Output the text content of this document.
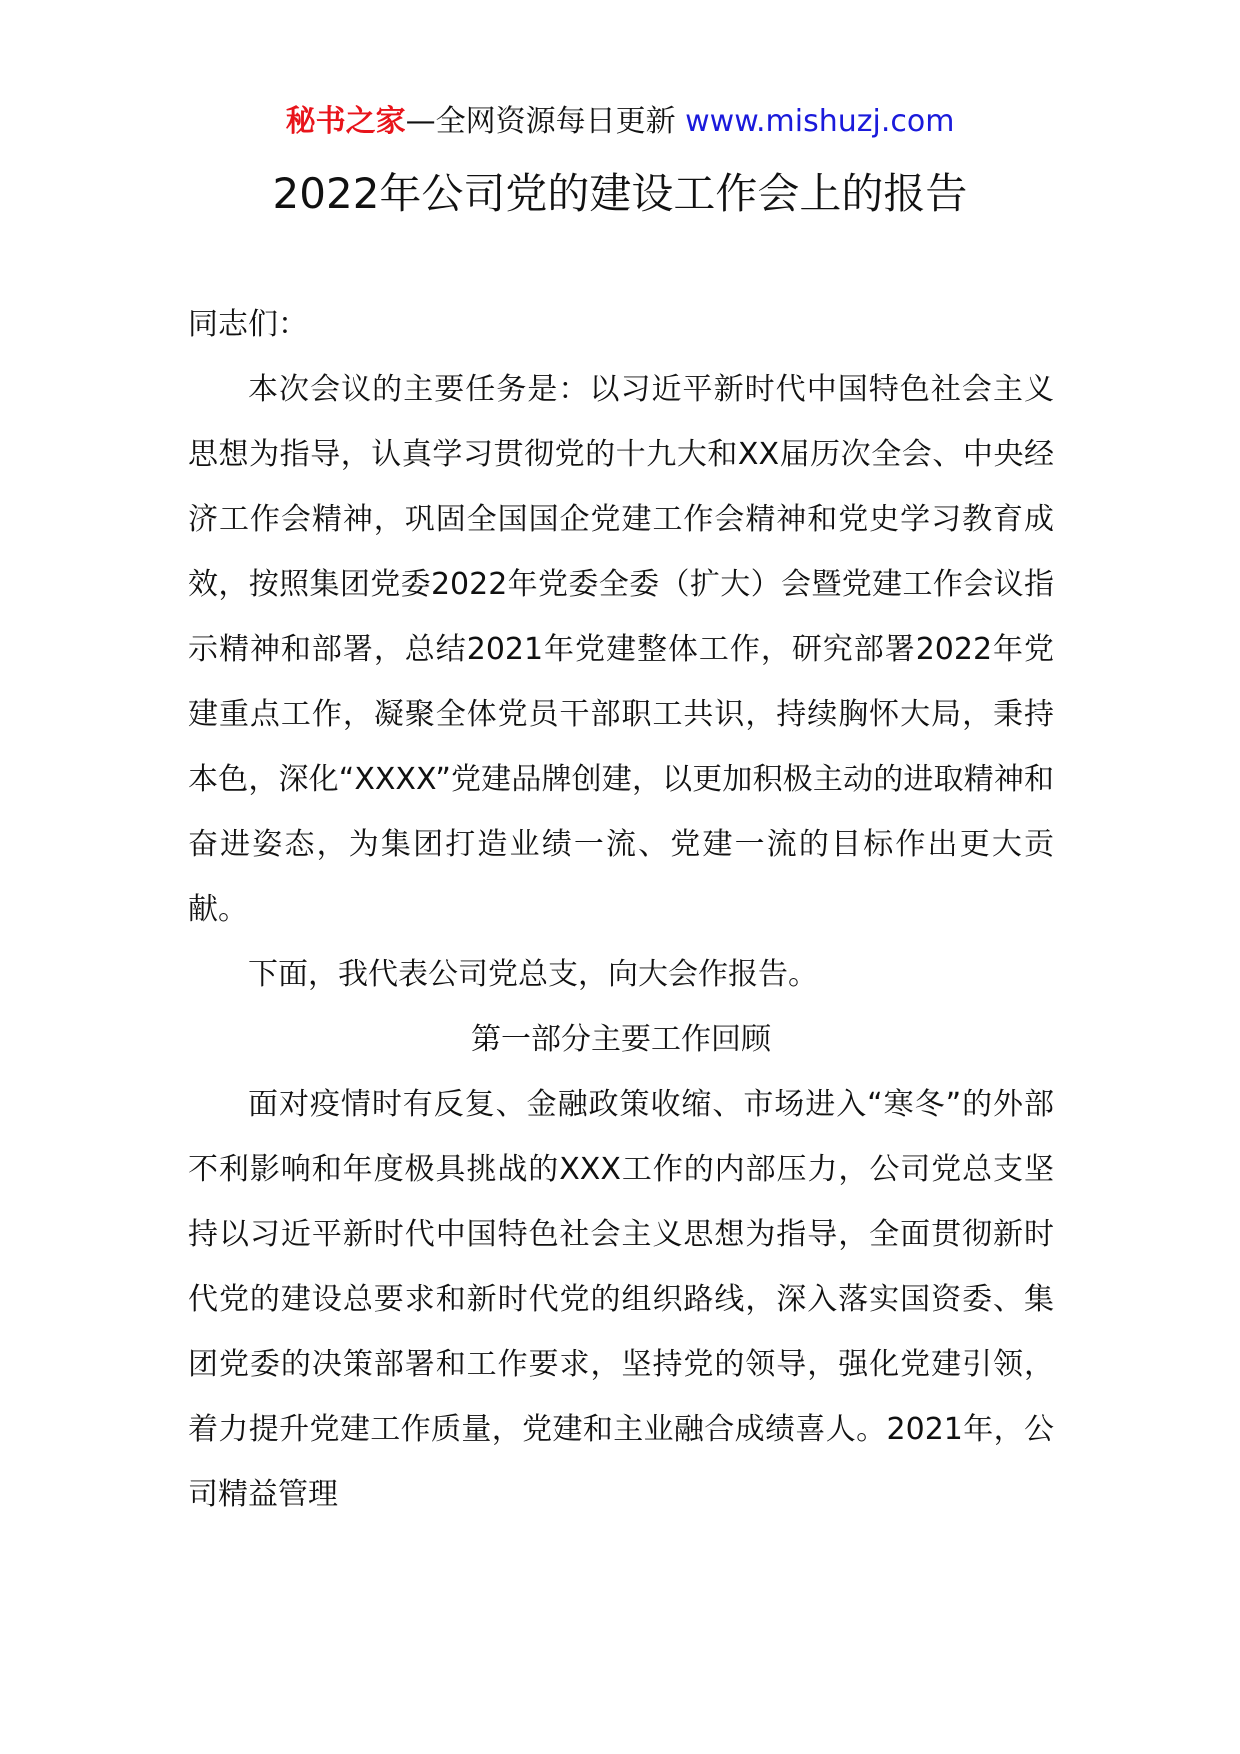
秘书之家—全网资源每日更新 www.mishuzj.com
2022年公司党的建设工作会上的报告

同志们：

本次会议的主要任务是：以习近平新时代中国特色社会主义思想为指导，认真学习贯彻党的十九大和XX届历次全会、中央经济工作会精神，巩固全国国企党建工作会精神和党史学习教育成效，按照集团党委2022年党委全委（扩大）会暨党建工作会议指示精神和部署，总结2021年党建整体工作，研究部署2022年党建重点工作，凝聚全体党员干部职工共识，持续胸怀大局，秉持本色，深化“XXXX”党建品牌创建，以更加积极主动的进取精神和奋进姿态，为集团打造业绩一流、党建一流的目标作出更大贡献。

下面，我代表公司党总支，向大会作报告。

第一部分主要工作回顾

面对疫情时有反复、金融政策收缩、市场进入“寒冬”的外部不利影响和年度极具挑战的XXX工作的内部压力，公司党总支坚持以习近平新时代中国特色社会主义思想为指导，全面贯彻新时代党的建设总要求和新时代党的组织路线，深入落实国资委、集团党委的决策部署和工作要求，坚持党的领导，强化党建引领，着力提升党建工作质量，党建和主业融合成绩喜人。2021年，公司精益管理
